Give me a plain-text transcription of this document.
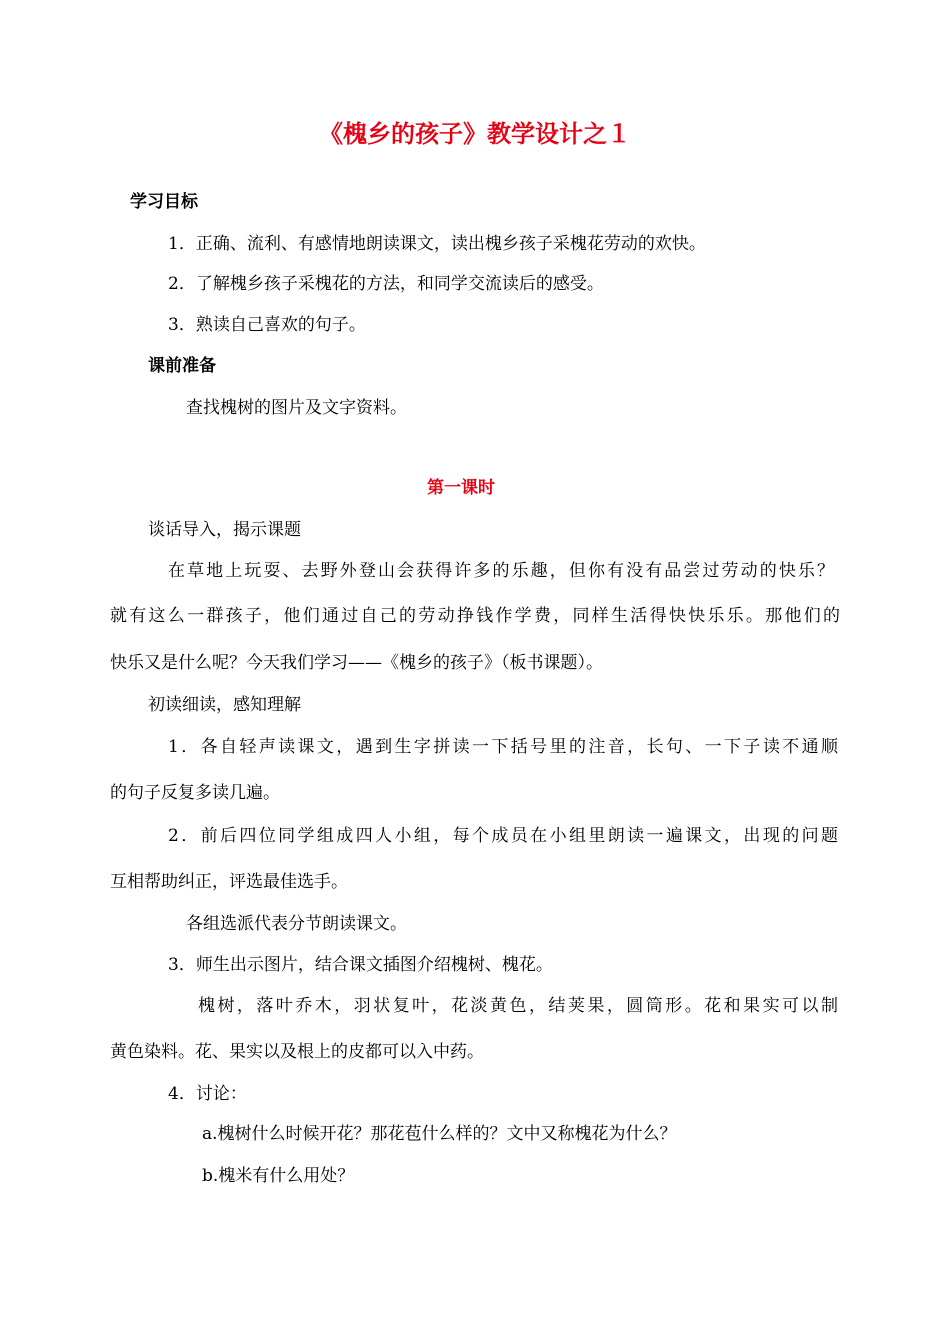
《槐乡的孩子》教学设计之１
学习目标
1．正确、流利、有感情地朗读课文，读出槐乡孩子采槐花劳动的欢快。
2．了解槐乡孩子采槐花的方法，和同学交流读后的感受。
3．熟读自己喜欢的句子。
课前准备
查找槐树的图片及文字资料。
第一课时
谈话导入，揭示课题
在草地上玩耍、去野外登山会获得许多的乐趣，但你有没有品尝过劳动的快乐？
就有这么一群孩子，他们通过自己的劳动挣钱作学费，同样生活得快快乐乐。那他们的
快乐又是什么呢？今天我们学习——《槐乡的孩子》（板书课题）。
初读细读，感知理解
1．各自轻声读课文，遇到生字拼读一下括号里的注音，长句、一下子读不通顺
的句子反复多读几遍。
2．前后四位同学组成四人小组，每个成员在小组里朗读一遍课文，出现的问题
互相帮助纠正，评选最佳选手。
各组选派代表分节朗读课文。
3．师生出示图片，结合课文插图介绍槐树、槐花。
槐树，落叶乔木，羽状复叶，花淡黄色，结荚果，圆筒形。花和果实可以制
黄色染料。花、果实以及根上的皮都可以入中药。
4．讨论：
a.槐树什么时候开花？那花苞什么样的？文中又称槐花为什么？
b.槐米有什么用处？
